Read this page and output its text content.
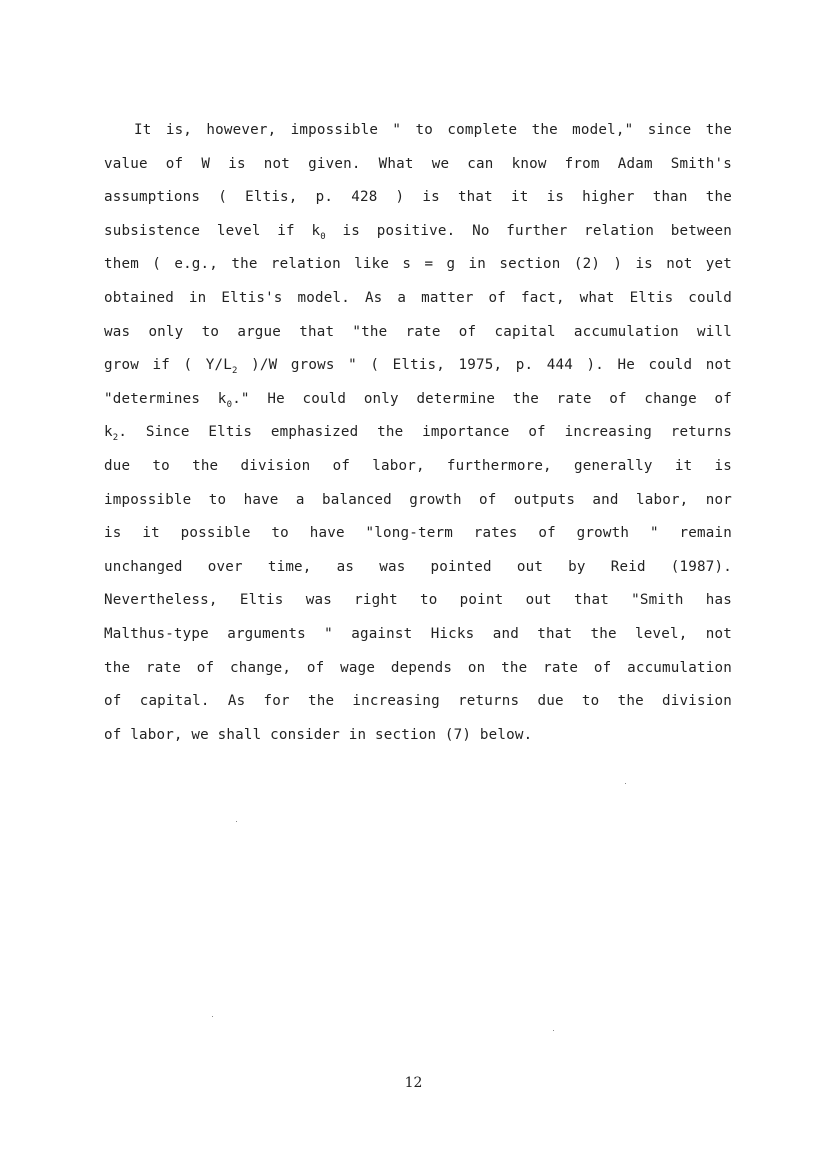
It is, however, impossible " to complete the model," since the
value of W is not given. What we can know from Adam Smith's
assumptions ( Eltis, p. 428 ) is that it is higher than the
subsistence level if $k_0$ is positive. No further relation between
them ( e.g., the relation like s = g in section (2) ) is not yet
obtained in Eltis's model. As a matter of fact, what Eltis could
was only to argue that "the rate of capital accumulation will
grow if ( $Y/L_2$ )/W grows " ( Eltis, 1975, p. 444 ). He could not
"determines $k_0$." He could only determine the rate of change of
$k_2$. Since Eltis emphasized the importance of increasing returns
due to the division of labor, furthermore, generally it is
impossible to have a balanced growth of outputs and labor, nor
is it possible to have "long-term rates of growth " remain
unchanged over time, as was pointed out by Reid (1987).
Nevertheless, Eltis was right to point out that "Smith has
Malthus-type arguments " against Hicks and that the level, not
the rate of change, of wage depends on the rate of accumulation
of capital. As for the increasing returns due to the division
of labor, we shall consider in section (7) below.
12
